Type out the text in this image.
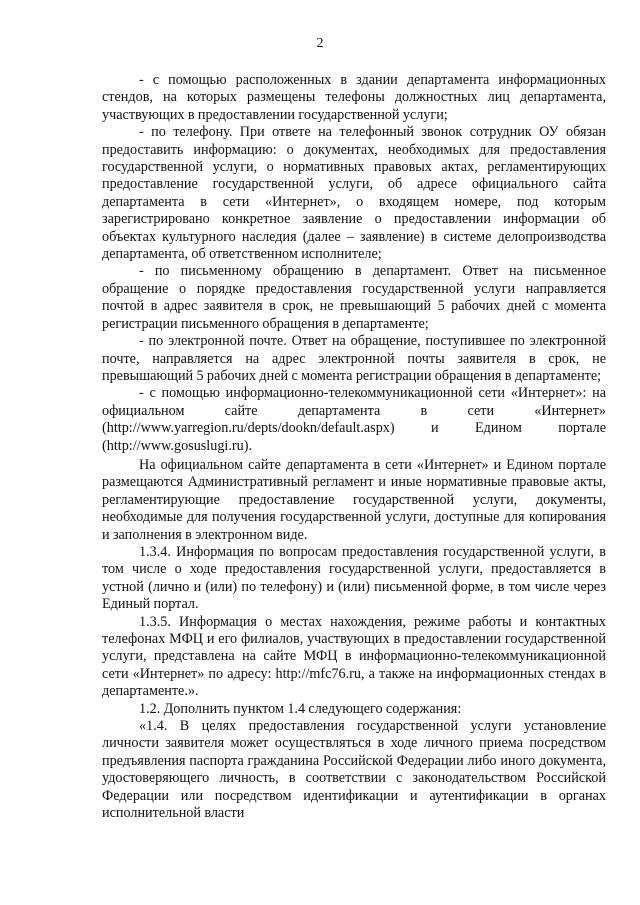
2

- с помощью расположенных в здании департамента информационных стендов, на которых размещены телефоны должностных лиц департамента, участвующих в предоставлении государственной услуги;

- по телефону. При ответе на телефонный звонок сотрудник ОУ обязан предоставить информацию: о документах, необходимых для предоставления государственной услуги, о нормативных правовых актах, регламентирующих предоставление государственной услуги, об адресе официального сайта департамента в сети «Интернет», о входящем номере, под которым зарегистрировано конкретное заявление о предоставлении информации об объектах культурного наследия (далее – заявление) в системе делопроизводства департамента, об ответственном исполнителе;

- по письменному обращению в департамент. Ответ на письменное обращение о порядке предоставления государственной услуги направляется почтой в адрес заявителя в срок, не превышающий 5 рабочих дней с момента регистрации письменного обращения в департаменте;

- по электронной почте. Ответ на обращение, поступившее по электронной почте, направляется на адрес электронной почты заявителя в срок, не превышающий 5 рабочих дней с момента регистрации обращения в департаменте;

- с помощью информационно-телекоммуникационной сети «Интернет»: на официальном сайте департамента в сети «Интернет» (http://www.yarregion.ru/depts/dookn/default.aspx) и Едином портале (http://www.gosuslugi.ru).

На официальном сайте департамента в сети «Интернет» и Едином портале размещаются Административный регламент и иные нормативные правовые акты, регламентирующие предоставление государственной услуги, документы, необходимые для получения государственной услуги, доступные для копирования и заполнения в электронном виде.

1.3.4. Информация по вопросам предоставления государственной услуги, в том числе о ходе предоставления государственной услуги, предоставляется в устной (лично и (или) по телефону) и (или) письменной форме, в том числе через Единый портал.

1.3.5. Информация о местах нахождения, режиме работы и контактных телефонах МФЦ и его филиалов, участвующих в предоставлении государственной услуги, представлена на сайте МФЦ в информационно-телекоммуникационной сети «Интернет» по адресу: http://mfc76.ru, а также на информационных стендах в департаменте.».

1.2. Дополнить пунктом 1.4 следующего содержания:

«1.4. В целях предоставления государственной услуги установление личности заявителя может осуществляться в ходе личного приема посредством предъявления паспорта гражданина Российской Федерации либо иного документа, удостоверяющего личность, в соответствии с законодательством Российской Федерации или посредством идентификации и аутентификации в органах исполнительной власти
